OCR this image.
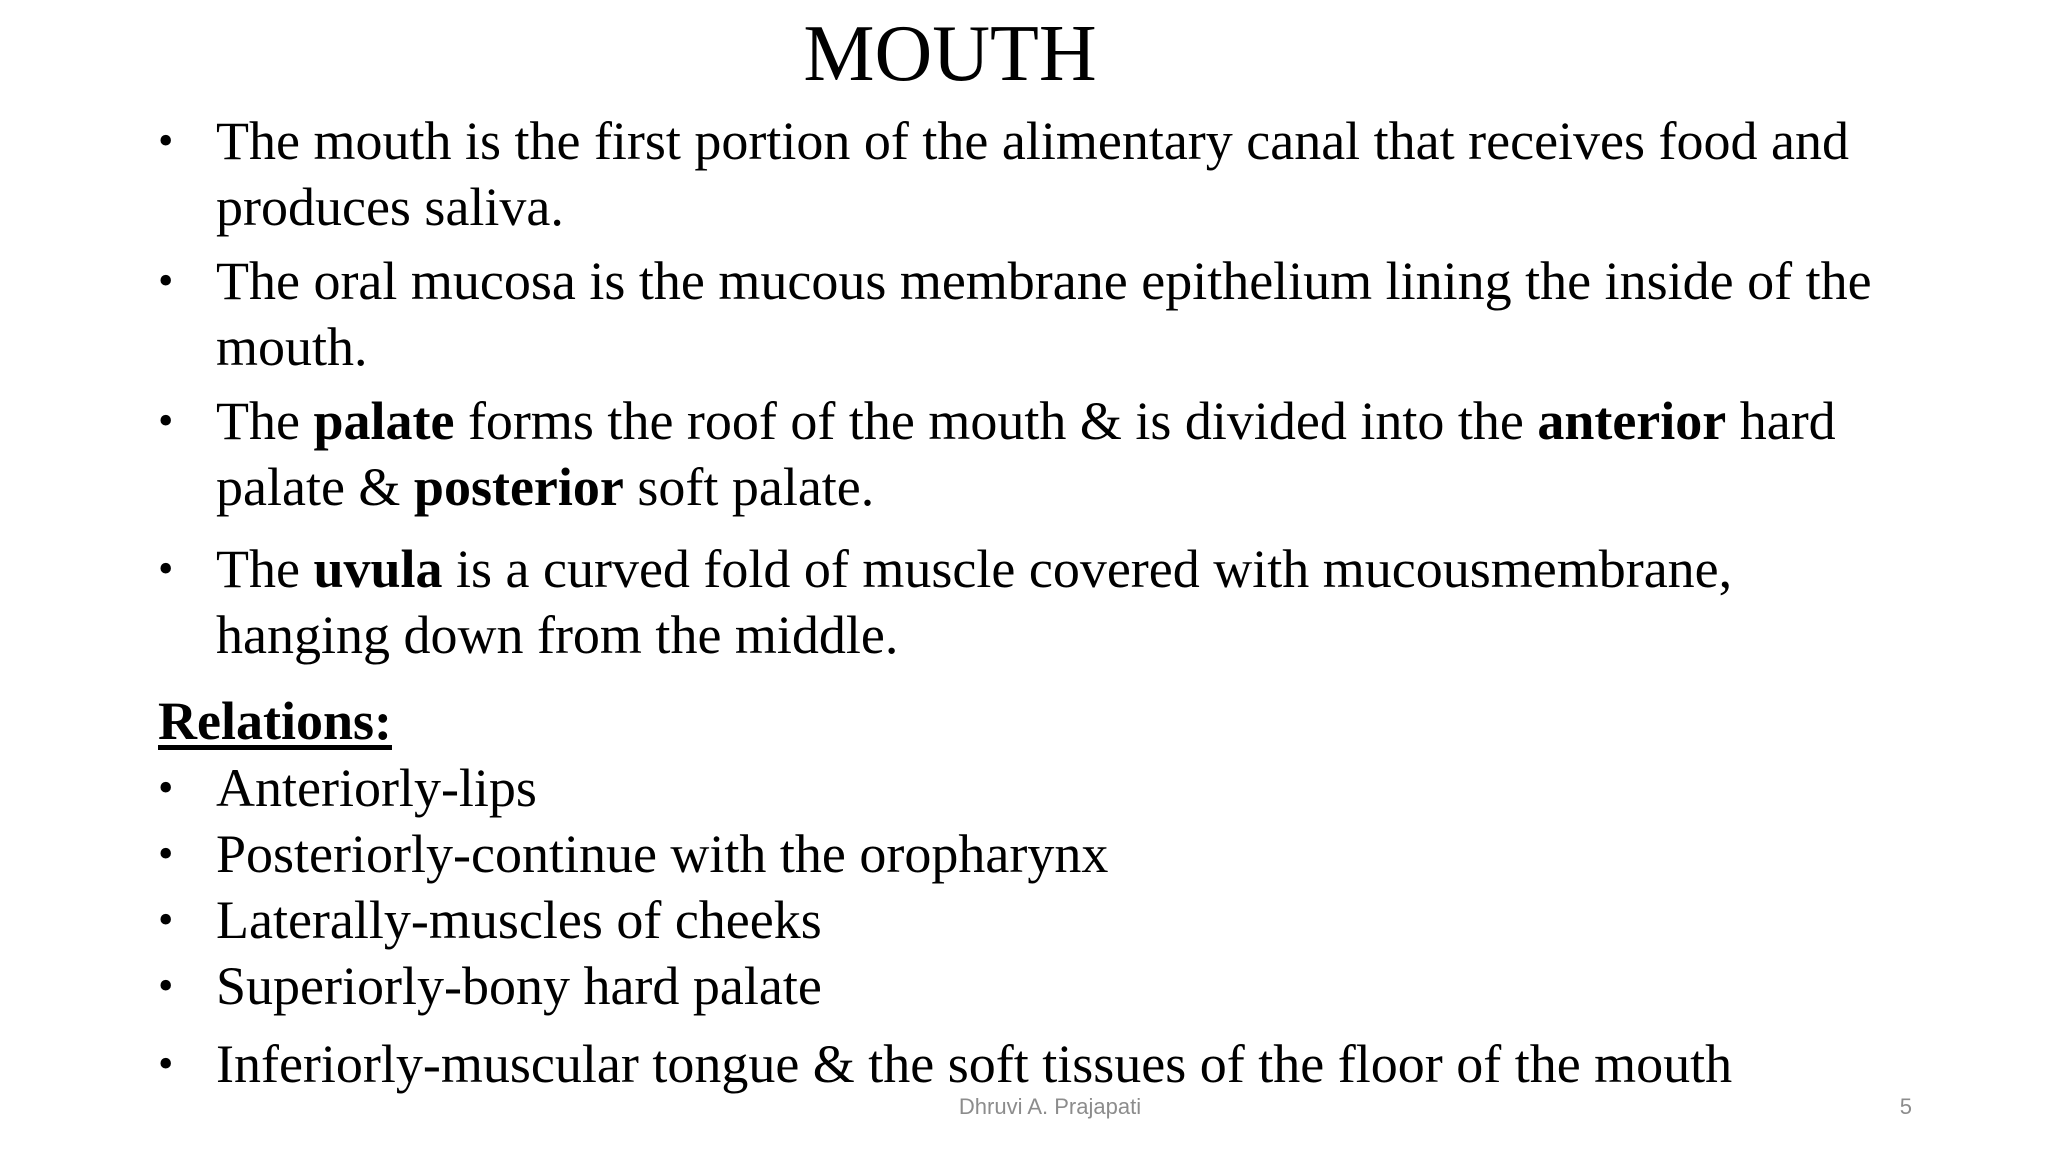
MOUTH
• The mouth is the first portion of the alimentary canal that receives food and produces saliva.
• The oral mucosa is the mucous membrane epithelium lining the inside of the mouth.
• The palate forms the roof of the mouth & is divided into the anterior hard palate & posterior soft palate.
• The uvula is a curved fold of muscle covered with mucousmembrane, hanging down from the middle.
Relations:
• Anteriorly-lips
• Posteriorly-continue with the oropharynx
• Laterally-muscles of cheeks
• Superiorly-bony hard palate
• Inferiorly-muscular tongue & the soft tissues of the floor of the mouth
Dhruvi A. Prajapati	5
